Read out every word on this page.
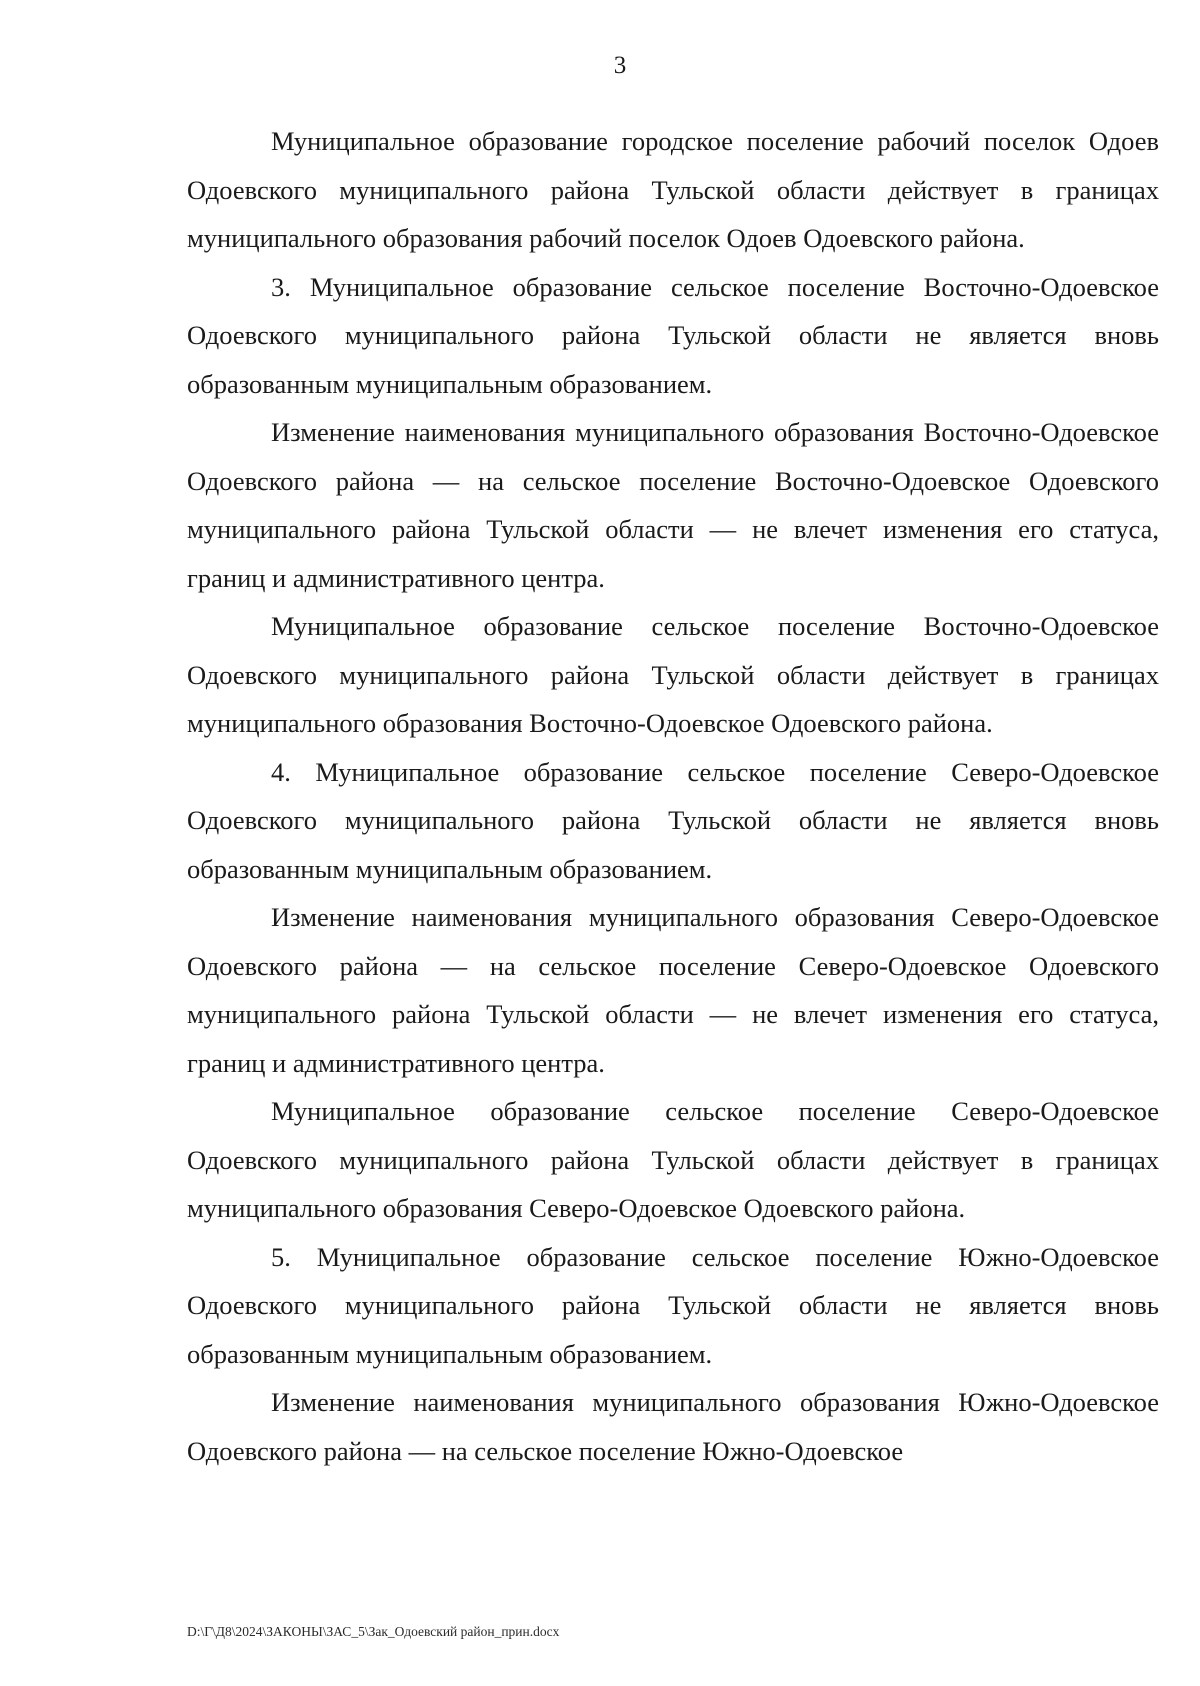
3

Муниципальное образование городское поселение рабочий поселок Одоев Одоевского муниципального района Тульской области действует в границах муниципального образования рабочий поселок Одоев Одоевского района.

3. Муниципальное образование сельское поселение Восточно-Одоевское Одоевского муниципального района Тульской области не является вновь образованным муниципальным образованием.

Изменение наименования муниципального образования Восточно-Одоевское Одоевского района — на сельское поселение Восточно-Одоевское Одоевского муниципального района Тульской области — не влечет изменения его статуса, границ и административного центра.

Муниципальное образование сельское поселение Восточно-Одоевское Одоевского муниципального района Тульской области действует в границах муниципального образования Восточно-Одоевское Одоевского района.

4. Муниципальное образование сельское поселение Северо-Одоевское Одоевского муниципального района Тульской области не является вновь образованным муниципальным образованием.

Изменение наименования муниципального образования Северо-Одоевское Одоевского района — на сельское поселение Северо-Одоевское Одоевского муниципального района Тульской области — не влечет изменения его статуса, границ и административного центра.

Муниципальное образование сельское поселение Северо-Одоевское Одоевского муниципального района Тульской области действует в границах муниципального образования Северо-Одоевское Одоевского района.

5. Муниципальное образование сельское поселение Южно-Одоевское Одоевского муниципального района Тульской области не является вновь образованным муниципальным образованием.

Изменение наименования муниципального образования Южно-Одоевское Одоевского района — на сельское поселение Южно-Одоевское

D:\Г\Д8\2024\ЗАКОНЫ\ЗАС_5\Зак_Одоевский район_прин.docx
